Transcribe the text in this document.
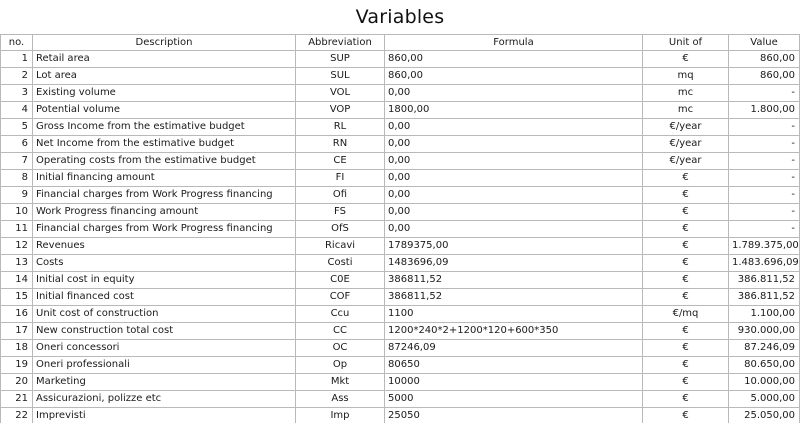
Variables
no.	Description	Abbreviation	Formula	Unit of	Value
1	Retail area	SUP	860,00	€	860,00
2	Lot area	SUL	860,00	mq	860,00
3	Existing volume	VOL	0,00	mc	-
4	Potential volume	VOP	1800,00	mc	1.800,00
5	Gross Income from the estimative budget	RL	0,00	€/year	-
6	Net Income from the estimative budget	RN	0,00	€/year	-
7	Operating costs from the estimative budget	CE	0,00	€/year	-
8	Initial financing amount	FI	0,00	€	-
9	Financial charges from Work Progress financing	Ofi	0,00	€	-
10	Work Progress financing amount	FS	0,00	€	-
11	Financial charges from Work Progress financing	OfS	0,00	€	-
12	Revenues	Ricavi	1789375,00	€	1.789.375,00
13	Costs	Costi	1483696,09	€	1.483.696,09
14	Initial cost in equity	C0E	386811,52	€	386.811,52
15	Initial financed cost	COF	386811,52	€	386.811,52
16	Unit cost of construction	Ccu	1100	€/mq	1.100,00
17	New construction total cost	CC	1200*240*2+1200*120+600*350	€	930.000,00
18	Oneri concessori	OC	87246,09	€	87.246,09
19	Oneri professionali	Op	80650	€	80.650,00
20	Marketing	Mkt	10000	€	10.000,00
21	Assicurazioni, polizze etc	Ass	5000	€	5.000,00
22	Imprevisti	Imp	25050	€	25.050,00
